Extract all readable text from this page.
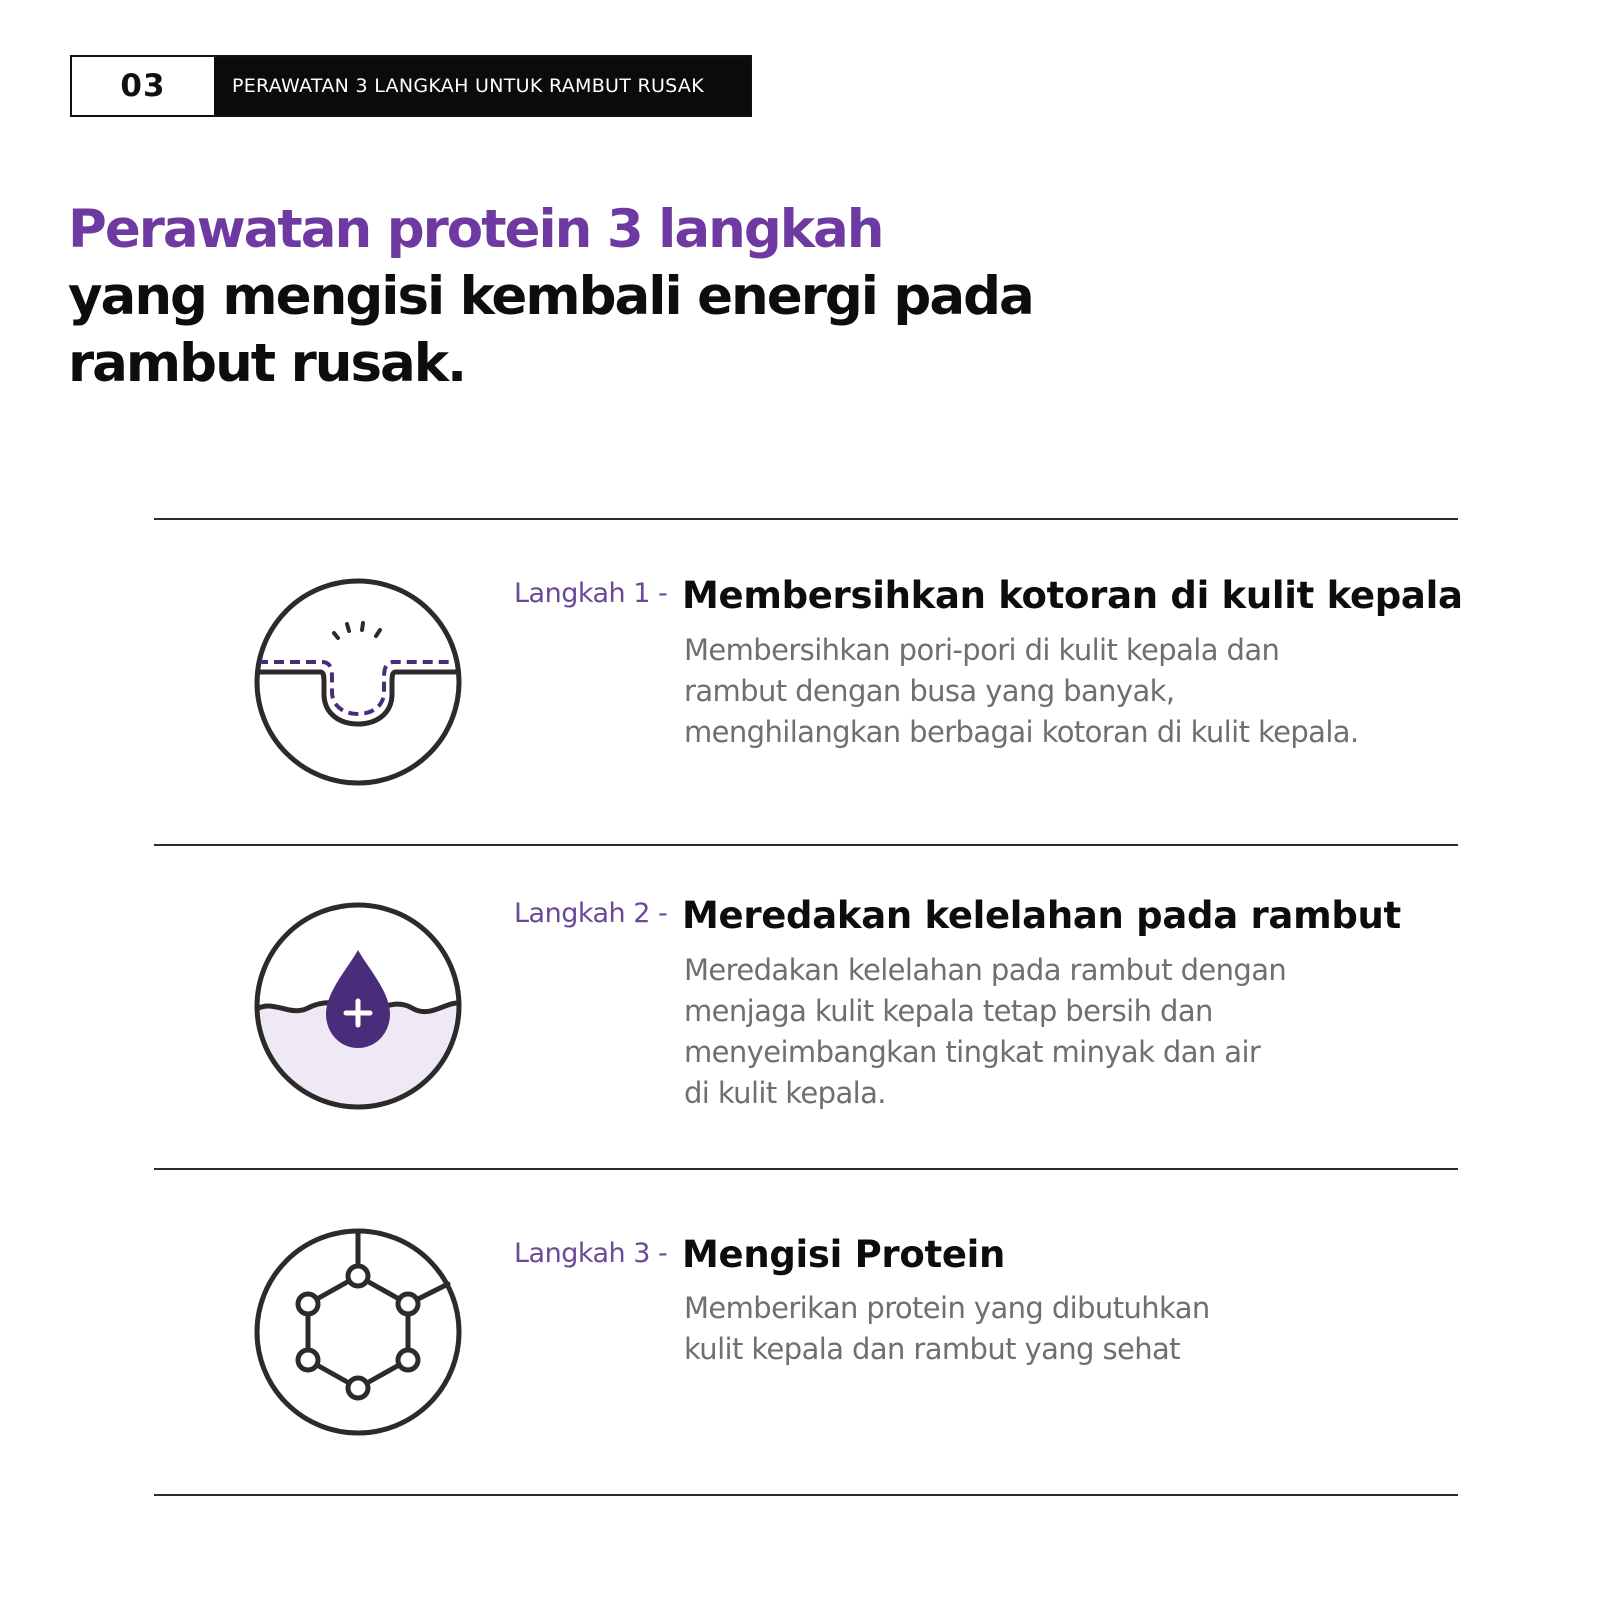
03	PERAWATAN 3 LANGKAH UNTUK RAMBUT RUSAK
Perawatan protein 3 langkah
yang mengisi kembali energi pada
rambut rusak.
Langkah 1 - Membersihkan kotoran di kulit kepala
Membersihkan pori-pori di kulit kepala dan
rambut dengan busa yang banyak,
menghilangkan berbagai kotoran di kulit kepala.
Langkah 2 - Meredakan kelelahan pada rambut
Meredakan kelelahan pada rambut dengan
menjaga kulit kepala tetap bersih dan
menyeimbangkan tingkat minyak dan air
di kulit kepala.
Langkah 3 - Mengisi Protein
Memberikan protein yang dibutuhkan
kulit kepala dan rambut yang sehat
